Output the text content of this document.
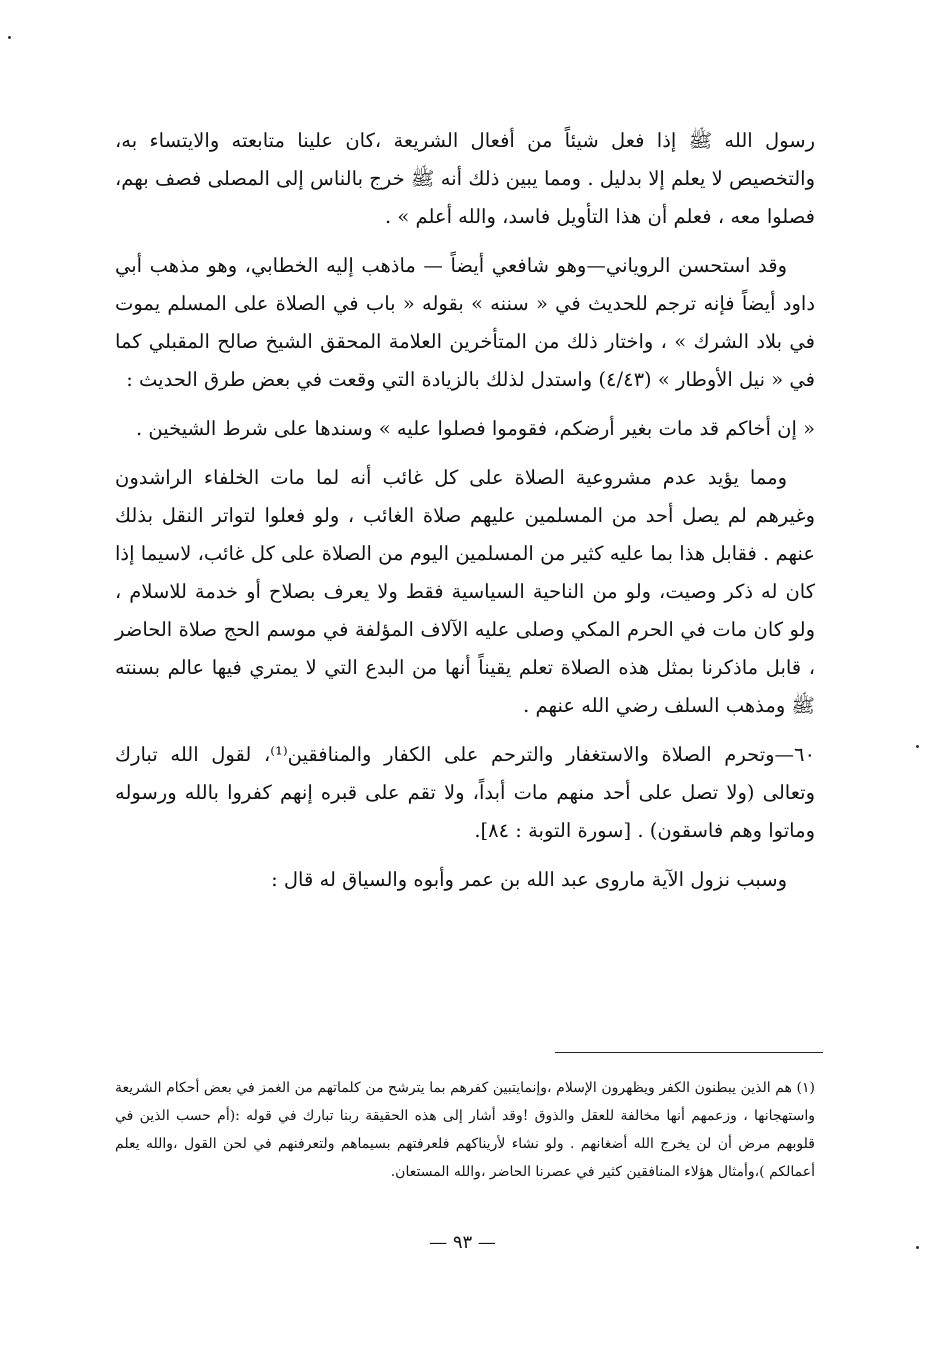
رسول الله ﷺ إذا فعل شيئاً من أفعال الشريعة ،كان علينا متابعته والايتساء به، والتخصيص لا يعلم إلا بدليل . ومما يبين ذلك أنه ﷺ خرج بالناس إلى المصلى فصف بهم، فصلوا معه ، فعلم أن هذا التأويل فاسد، والله أعلم » .

وقد استحسن الروياني—وهو شافعي أيضاً — ماذهب إليه الخطابي، وهو مذهب أبي داود أيضاً فإنه ترجم للحديث في « سننه » بقوله « باب في الصلاة على المسلم يموت في بلاد الشرك » ، واختار ذلك من المتأخرين العلامة المحقق الشيخ صالح المقبلي كما في « نيل الأوطار » (٤/٤٣) واستدل لذلك بالزيادة التي وقعت في بعض طرق الحديث :

« إن أخاكم قد مات بغير أرضكم، فقوموا فصلوا عليه » وسندها على شرط الشيخين .

ومما يؤيد عدم مشروعية الصلاة على كل غائب أنه لما مات الخلفاء الراشدون وغيرهم لم يصل أحد من المسلمين عليهم صلاة الغائب ، ولو فعلوا لتواتر النقل بذلك عنهم . فقابل هذا بما عليه كثير من المسلمين اليوم من الصلاة على كل غائب، لاسيما إذا كان له ذكر وصيت، ولو من الناحية السياسية فقط ولا يعرف بصلاح أو خدمة للاسلام ، ولو كان مات في الحرم المكي وصلى عليه الآلاف المؤلفة في موسم الحج صلاة الحاضر ، قابل ماذكرنا بمثل هذه الصلاة تعلم يقيناً أنها من البدع التي لا يمتري فيها عالم بسنته ﷺ ومذهب السلف رضي الله عنهم .

٦٠—وتحرم الصلاة والاستغفار والترحم على الكفار والمنافقين⁽¹⁾، لقول الله تبارك وتعالى (ولا تصل على أحد منهم مات أبداً، ولا تقم على قبره إنهم كفروا بالله ورسوله وماتوا وهم فاسقون) . [سورة التوبة : ٨٤].

وسبب نزول الآية ماروى عبد الله بن عمر وأبوه والسياق له قال :

(١) هم الذين يبطنون الكفر ويظهرون الإسلام ،وإنمايتبين كفرهم بما يترشح من كلماتهم من الغمز في بعض أحكام الشريعة واستهجانها ، وزعمهم أنها مخالفة للعقل والذوق !وقد أشار إلى هذه الحقيقة ربنا تبارك في قوله :(أم حسب الذين في قلوبهم مرض أن لن يخرج الله أضغانهم . ولو نشاء لأريناكهم فلعرفتهم بسيماهم ولتعرفنهم في لحن القول ،والله يعلم أعمالكم )،وأمثال هؤلاء المنافقين كثير في عصرنا الحاضر ،والله المستعان.

— ٩٣ —
